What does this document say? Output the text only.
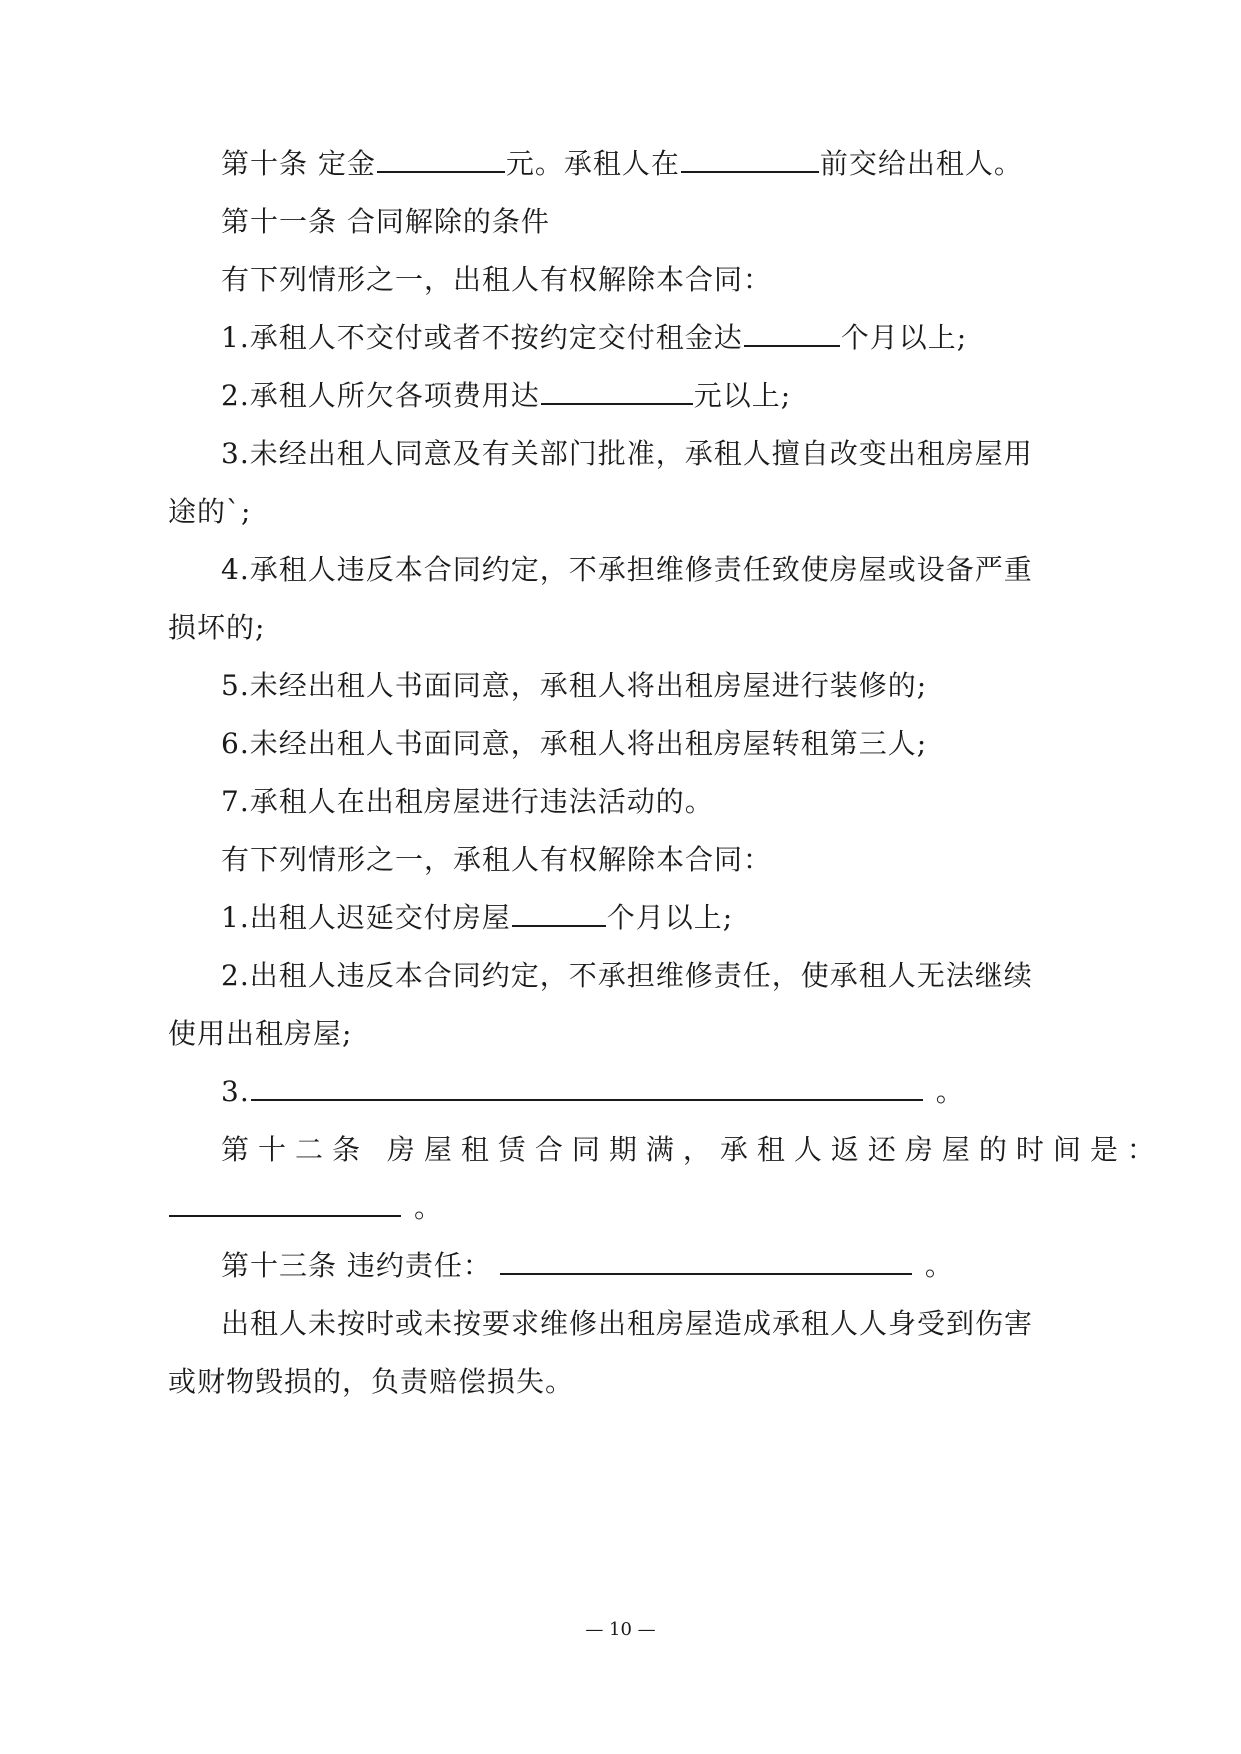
第十条 定金	元。承租人在	前交给出租人。
第十一条 合同解除的条件
有下列情形之一，出租人有权解除本合同：
1.承租人不交付或者不按约定交付租金达	个月以上;
2.承租人所欠各项费用达	元以上;
3.未经出租人同意及有关部门批准，承租人擅自改变出租房屋用
途的`;
4.承租人违反本合同约定，不承担维修责任致使房屋或设备严重
损坏的;
5.未经出租人书面同意，承租人将出租房屋进行装修的;
6.未经出租人书面同意，承租人将出租房屋转租第三人;
7.承租人在出租房屋进行违法活动的。
有下列情形之一，承租人有权解除本合同：
1.出租人迟延交付房屋	个月以上;
2.出租人违反本合同约定，不承担维修责任，使承租人无法继续
使用出租房屋;
3.	。
第十二条 房屋租赁合同期满，承租人返还房屋的时间是：
。
第十三条 违约责任：	。
出租人未按时或未按要求维修出租房屋造成承租人人身受到伤害
或财物毁损的，负责赔偿损失。
— 10 —
